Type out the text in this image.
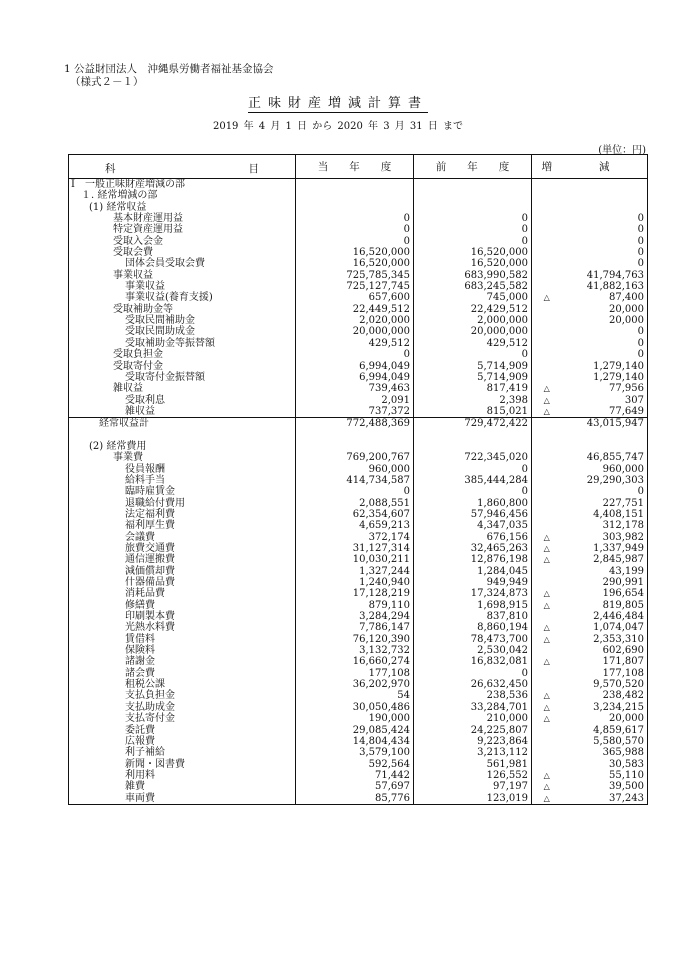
1 公益財団法人　沖縄県労働者福祉基金協会
（様式２－１）
正味財産増減計算書
2019 年 4 月 1 日 から 2020 年 3 月 31 日 まで
(単位：円)
科 目	当　　年　　度	前　　年　　度	増	減
Ⅰ　一般正味財産増減の部				
１. 経常増減の部				
(1) 経常収益				
基本財産運用益	0	0		0
特定資産運用益	0	0		0
受取入会金	0	0		0
受取会費	16,520,000	16,520,000		0
団体会員受取会費	16,520,000	16,520,000		0
事業収益	725,785,345	683,990,582		41,794,763
事業収益	725,127,745	683,245,582		41,882,163
事業収益(養育支援)	657,600	745,000	△	87,400
受取補助金等	22,449,512	22,429,512		20,000
受取民間補助金	2,020,000	2,000,000		20,000
受取民間助成金	20,000,000	20,000,000		0
受取補助金等振替額	429,512	429,512		0
受取負担金	0	0		0
受取寄付金	6,994,049	5,714,909		1,279,140
受取寄付金振替額	6,994,049	5,714,909		1,279,140
雑収益	739,463	817,419	△	77,956
受取利息	2,091	2,398	△	307
雑収益	737,372	815,021	△	77,649
経常収益計	772,488,369	729,472,422		43,015,947

(2) 経常費用				
事業費	769,200,767	722,345,020		46,855,747
役員報酬	960,000	0		960,000
給料手当	414,734,587	385,444,284		29,290,303
臨時雇賃金	0	0		0
退職給付費用	2,088,551	1,860,800		227,751
法定福利費	62,354,607	57,946,456		4,408,151
福利厚生費	4,659,213	4,347,035		312,178
会議費	372,174	676,156	△	303,982
旅費交通費	31,127,314	32,465,263	△	1,337,949
通信運搬費	10,030,211	12,876,198	△	2,845,987
減価償却費	1,327,244	1,284,045		43,199
什器備品費	1,240,940	949,949		290,991
消耗品費	17,128,219	17,324,873	△	196,654
修繕費	879,110	1,698,915	△	819,805
印刷製本費	3,284,294	837,810		2,446,484
光熱水料費	7,786,147	8,860,194	△	1,074,047
賃借料	76,120,390	78,473,700	△	2,353,310
保険料	3,132,732	2,530,042		602,690
諸謝金	16,660,274	16,832,081	△	171,807
諸会費	177,108	0		177,108
租税公課	36,202,970	26,632,450		9,570,520
支払負担金	54	238,536	△	238,482
支払助成金	30,050,486	33,284,701	△	3,234,215
支払寄付金	190,000	210,000	△	20,000
委託費	29,085,424	24,225,807		4,859,617
広報費	14,804,434	9,223,864		5,580,570
利子補給	3,579,100	3,213,112		365,988
新聞・図書費	592,564	561,981		30,583
利用料	71,442	126,552	△	55,110
雑費	57,697	97,197	△	39,500
車両費	85,776	123,019	△	37,243
